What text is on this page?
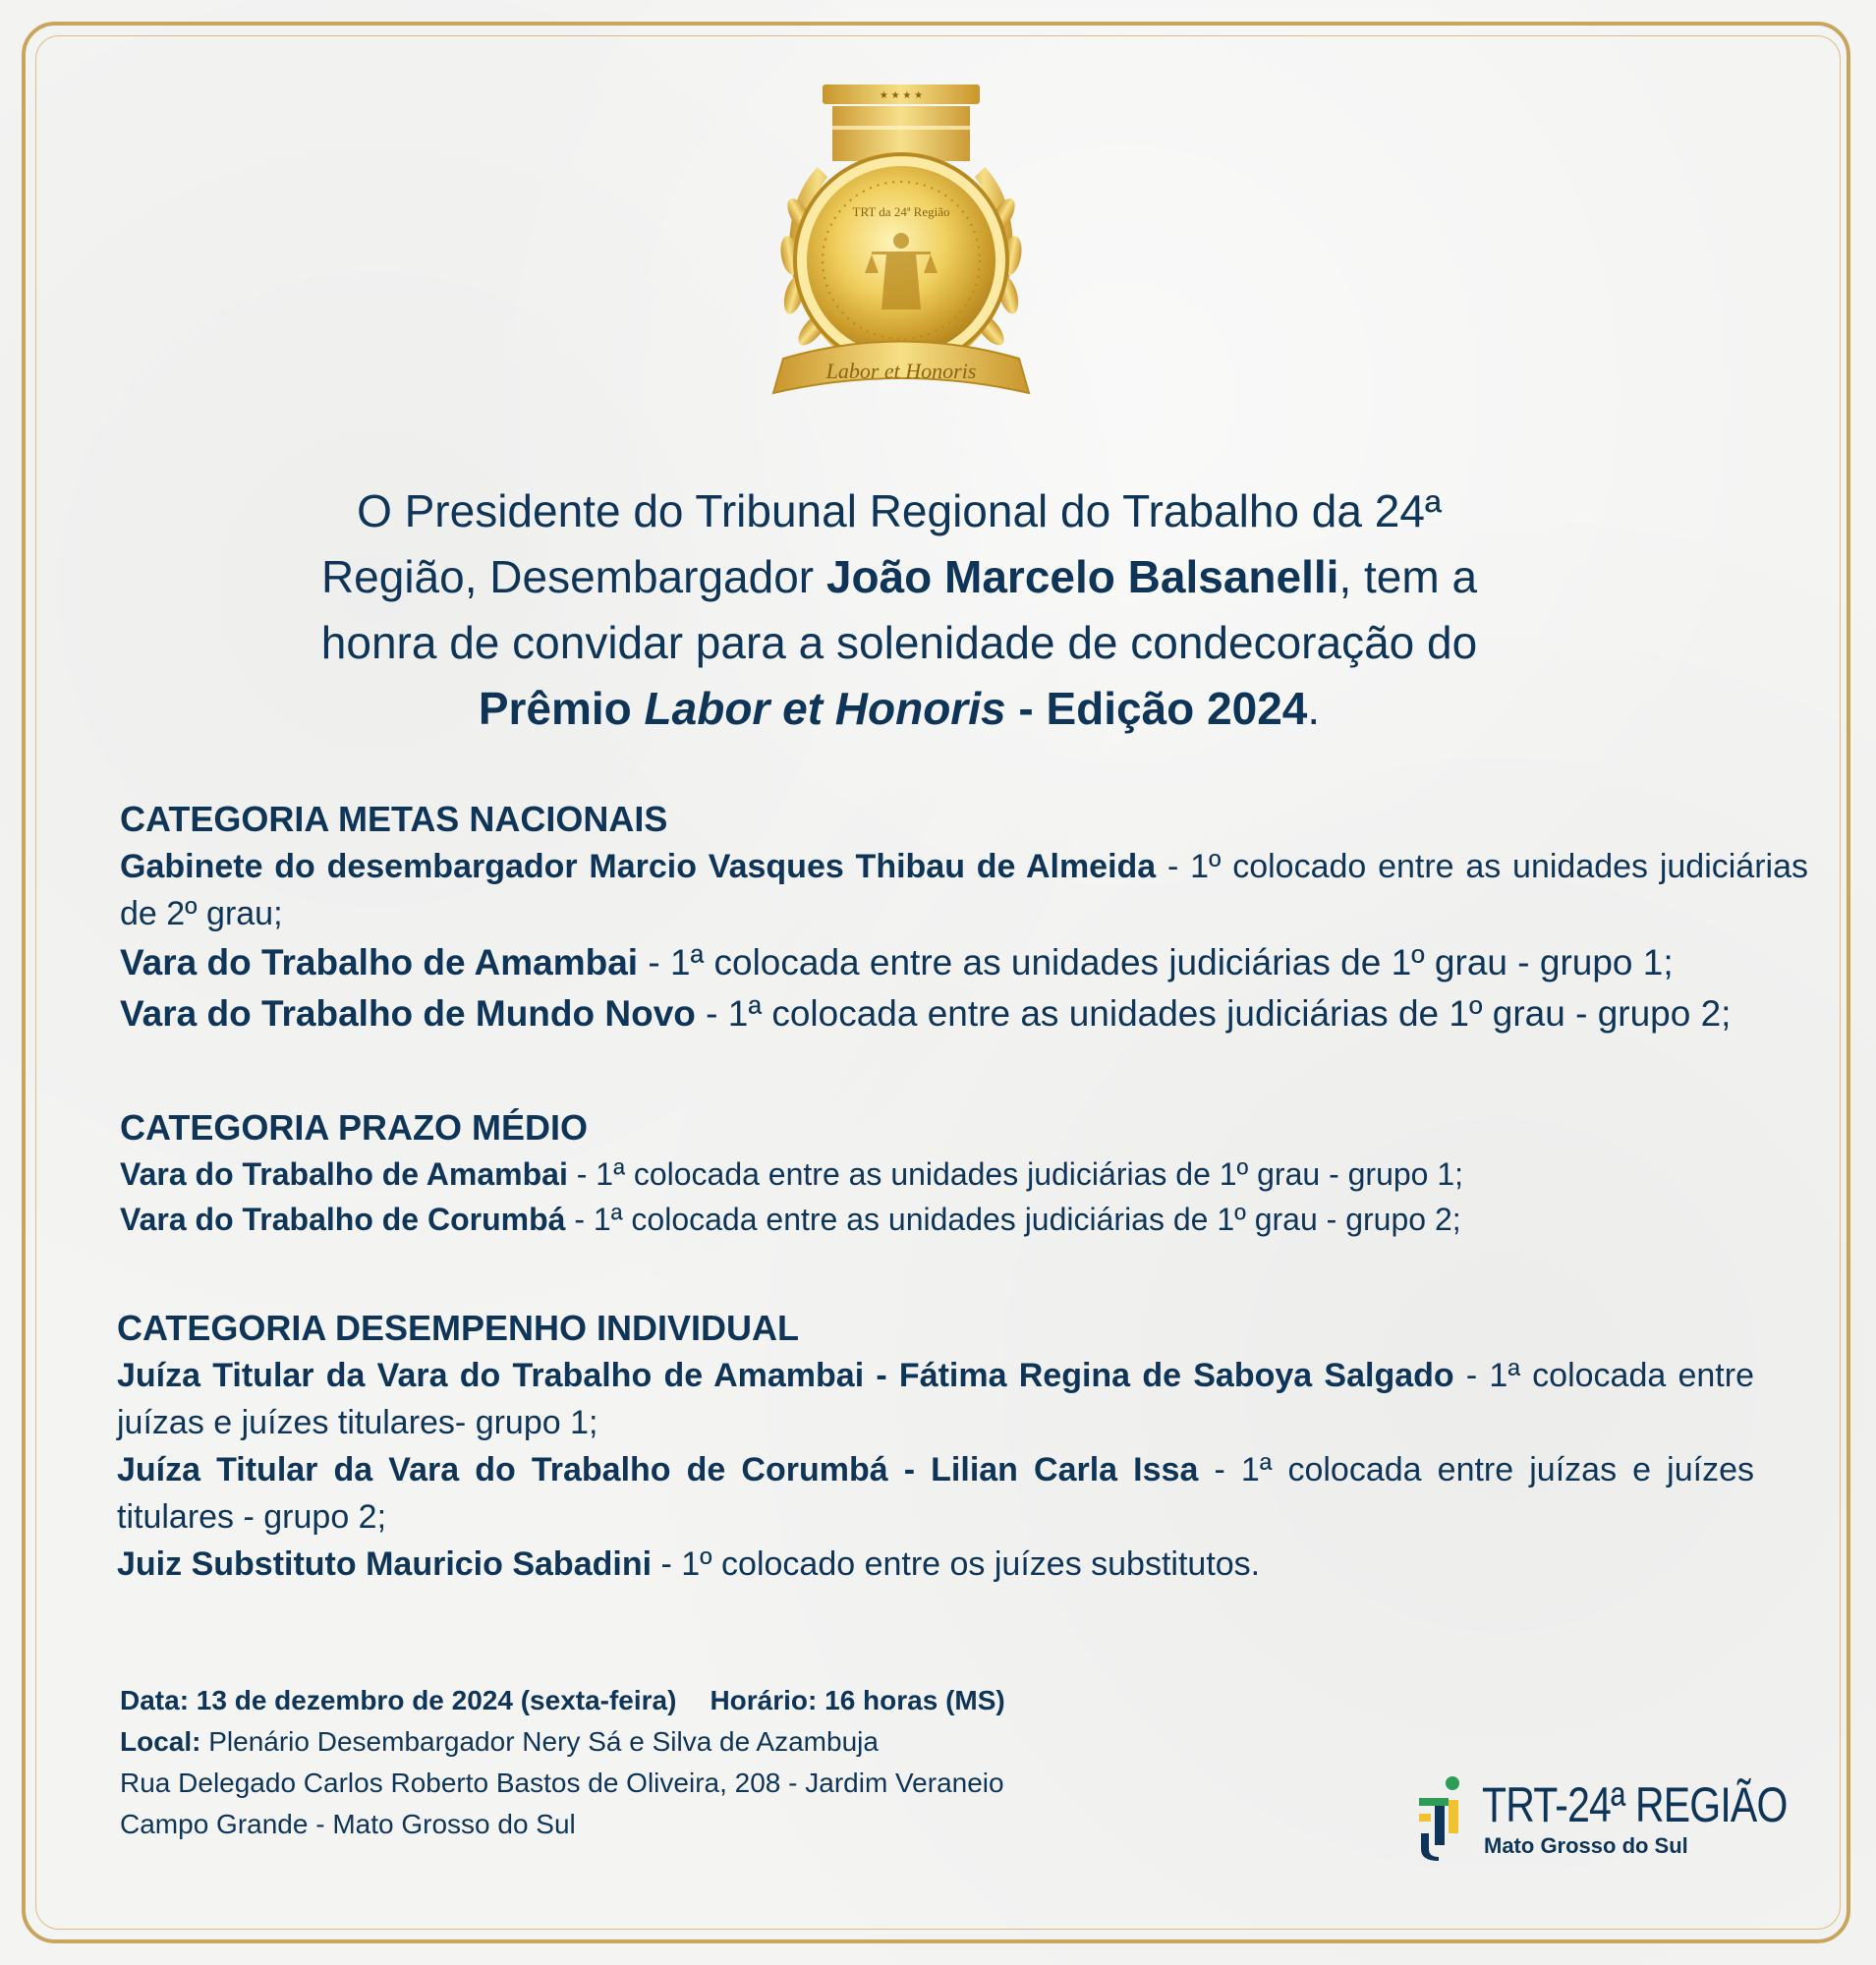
★ ★ ★ ★
TRT da 24ª Região
Labor et Honoris
O Presidente do Tribunal Regional do Trabalho da 24ª
Região, Desembargador João Marcelo Balsanelli, tem a
honra de convidar para a solenidade de condecoração do
Prêmio Labor et Honoris - Edição 2024.
CATEGORIA METAS NACIONAIS
Gabinete do desembargador Marcio Vasques Thibau de Almeida - 1º colocado entre as unidades judiciárias de 2º grau;
Vara do Trabalho de Amambai - 1ª colocada entre as unidades judiciárias de 1º grau - grupo 1;
Vara do Trabalho de Mundo Novo - 1ª colocada entre as unidades judiciárias de 1º grau - grupo 2;
CATEGORIA PRAZO MÉDIO
Vara do Trabalho de Amambai - 1ª colocada entre as unidades judiciárias de 1º grau - grupo 1;
Vara do Trabalho de Corumbá - 1ª colocada entre as unidades judiciárias de 1º grau - grupo 2;
CATEGORIA DESEMPENHO INDIVIDUAL
Juíza Titular da Vara do Trabalho de Amambai - Fátima Regina de Saboya Salgado - 1ª colocada entre juízas e juízes titulares- grupo 1;
Juíza Titular da Vara do Trabalho de Corumbá - Lilian Carla Issa - 1ª colocada entre juízas e juízes titulares - grupo 2;
Juiz Substituto Mauricio Sabadini - 1º colocado entre os juízes substitutos.
Data: 13 de dezembro de 2024 (sexta-feira) Horário: 16 horas (MS)
Local: Plenário Desembargador Nery Sá e Silva de Azambuja
Rua Delegado Carlos Roberto Bastos de Oliveira, 208 - Jardim Veraneio
Campo Grande - Mato Grosso do Sul	TRT-24ª REGIÃO
Mato Grosso do Sul
